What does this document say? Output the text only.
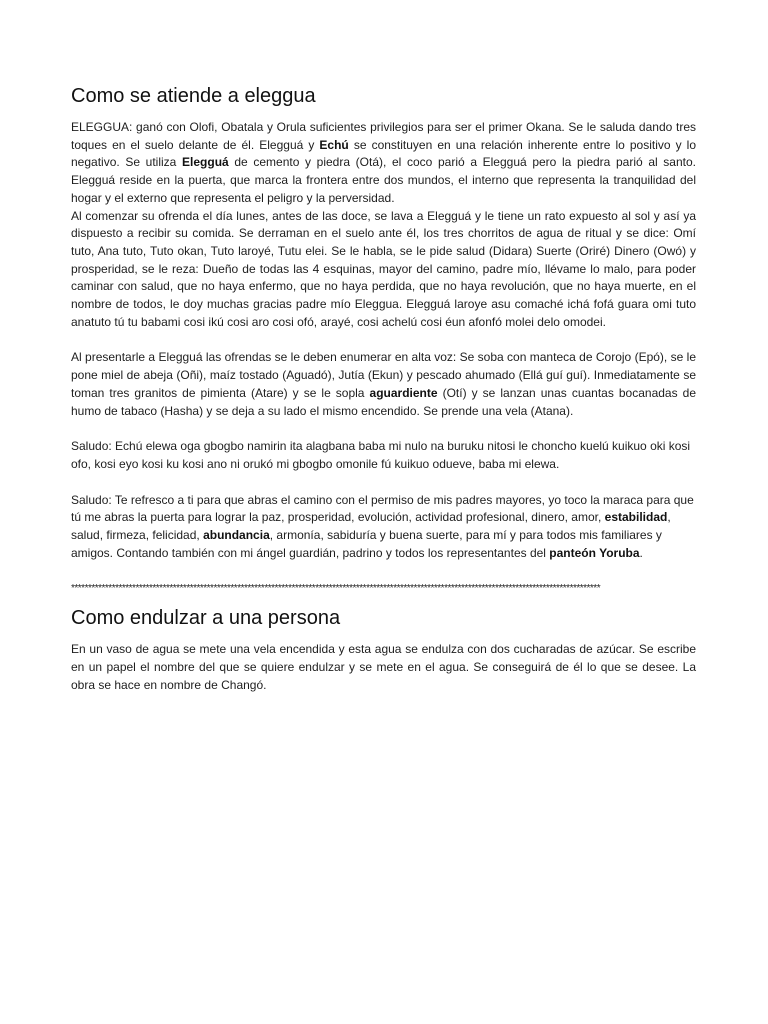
Como se atiende a eleggua

ELEGGUA: ganó con Olofi, Obatala y Orula suficientes privilegios para ser el primer Okana. Se le saluda dando tres toques en el suelo delante de él. Elegguá y Echú se constituyen en una relación inherente entre lo positivo y lo negativo. Se utiliza Elegguá de cemento y piedra (Otá), el coco parió a Elegguá pero la piedra parió al santo. Elegguá reside en la puerta, que marca la frontera entre dos mundos, el interno que representa la tranquilidad del hogar y el externo que representa el peligro y la perversidad.

Al comenzar su ofrenda el día lunes, antes de las doce, se lava a Elegguá y le tiene un rato expuesto al sol y así ya dispuesto a recibir su comida. Se derraman en el suelo ante él, los tres chorritos de agua de ritual y se dice: Omí tuto, Ana tuto, Tuto okan, Tuto laroyé, Tutu elei. Se le habla, se le pide salud (Didara) Suerte (Oriré) Dinero (Owó) y prosperidad, se le reza: Dueño de todas las 4 esquinas, mayor del camino, padre mío, llévame lo malo, para poder caminar con salud, que no haya enfermo, que no haya perdida, que no haya revolución, que no haya muerte, en el nombre de todos, le doy muchas gracias padre mío Eleggua. Elegguá laroye asu comaché ichá fofá guara omi tuto anatuto tú tu babami cosi ikú cosi aro cosi ofó, arayé, cosi achelú cosi éun afonfó molei delo omodei.

Al presentarle a Elegguá las ofrendas se le deben enumerar en alta voz: Se soba con manteca de Corojo (Epó), se le pone miel de abeja (Oñi), maíz tostado (Aguadó), Jutía (Ekun) y pescado ahumado (Ellá guí guí). Inmediatamente se toman tres granitos de pimienta (Atare) y se le sopla aguardiente (Otí) y se lanzan unas cuantas bocanadas de humo de tabaco (Hasha) y se deja a su lado el mismo encendido. Se prende una vela (Atana).

Saludo: Echú elewa oga gbogbo namirin ita alagbana baba mi nulo na buruku nitosi le choncho kuelú kuikuo oki kosi ofo, kosi eyo kosi ku kosi ano ni orukó mi gbogbo omonile fú kuikuo odueve, baba mi elewa.

Saludo: Te refresco a ti para que abras el camino con el permiso de mis padres mayores, yo toco la maraca para que tú me abras la puerta para lograr la paz, prosperidad, evolución, actividad profesional, dinero, amor, estabilidad, salud, firmeza, felicidad, abundancia, armonía, sabiduría y buena suerte, para mí y para todos mis familiares y amigos. Contando también con mi ángel guardián, padrino y todos los representantes del panteón Yoruba.

************************************************************************************************************************************************************
Como endulzar a una persona

En un vaso de agua se mete una vela encendida y esta agua se endulza con dos cucharadas de azúcar. Se escribe en un papel el nombre del que se quiere endulzar y se mete en el agua. Se conseguirá de él lo que se desee. La obra se hace en nombre de Changó.
